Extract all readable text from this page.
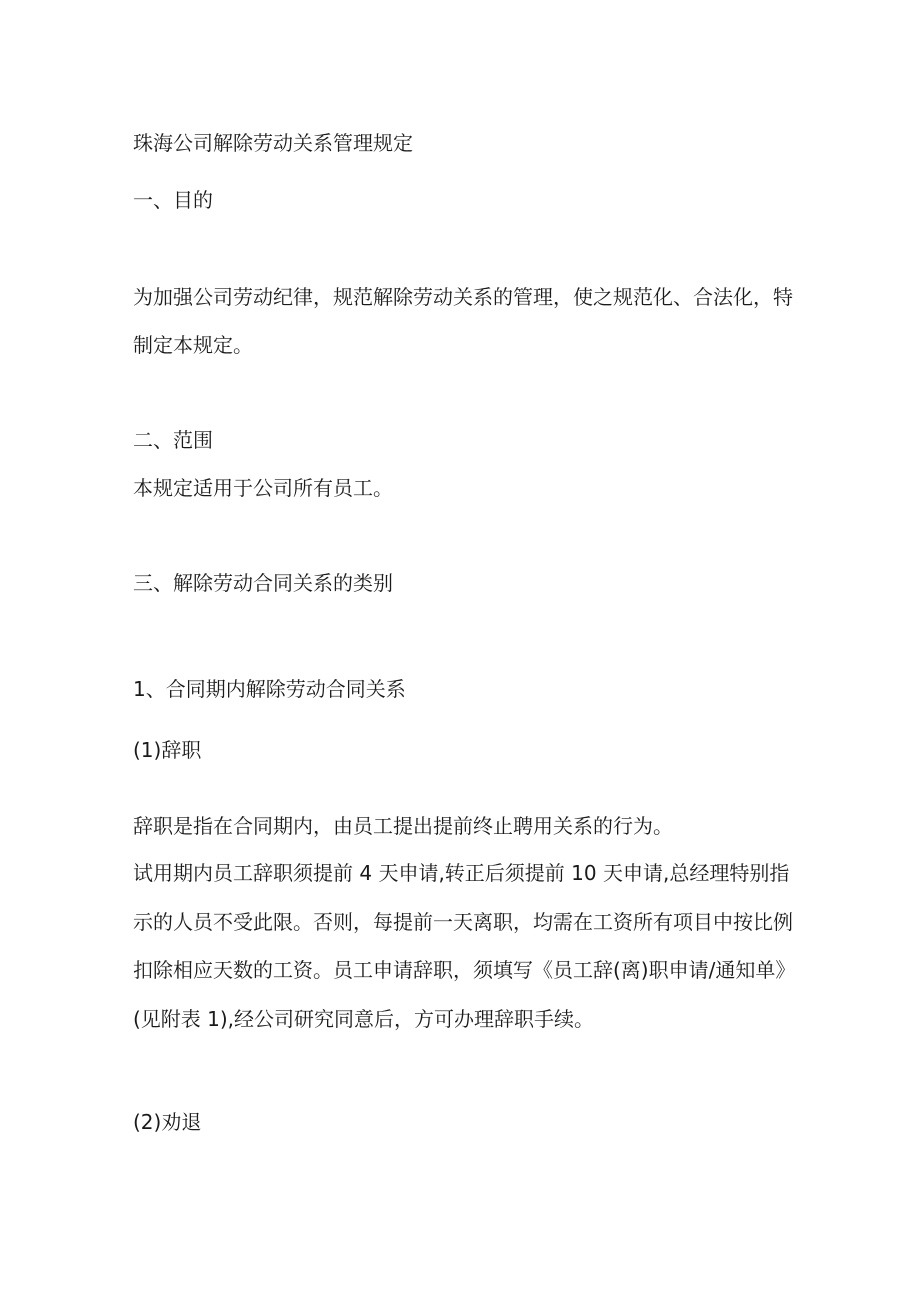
珠海公司解除劳动关系管理规定

一、目的

为加强公司劳动纪律，规范解除劳动关系的管理，使之规范化、合法化，特

制定本规定。

二、范围

本规定适用于公司所有员工。

三、解除劳动合同关系的类别

1、合同期内解除劳动合同关系

(1)辞职

辞职是指在合同期内，由员工提出提前终止聘用关系的行为。

试用期内员工辞职须提前 4 天申请,转正后须提前 10 天申请,总经理特别指

示的人员不受此限。否则，每提前一天离职，均需在工资所有项目中按比例

扣除相应天数的工资。员工申请辞职，须填写《员工辞(离)职申请/通知单》

(见附表 1),经公司研究同意后，方可办理辞职手续。

(2)劝退
